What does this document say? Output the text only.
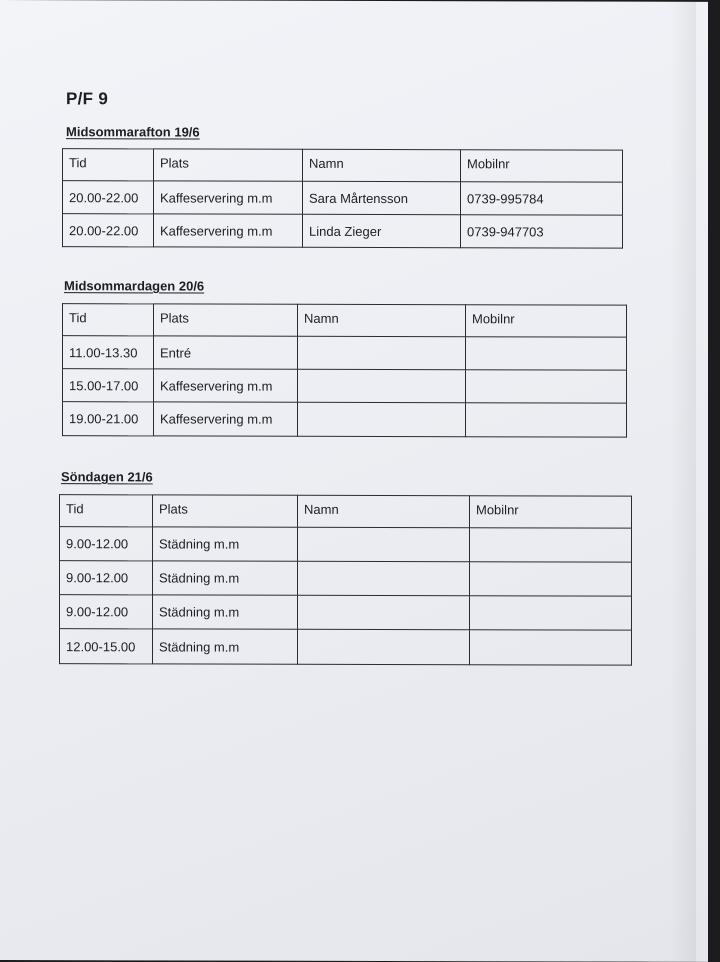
P/F 9
Midsommarafton 19/6
Tid	Plats	Namn	Mobilnr
20.00-22.00	Kaffeservering m.m	Sara Mårtensson	0739-995784
20.00-22.00	Kaffeservering m.m	Linda Zieger	0739-947703
Midsommardagen 20/6
Tid	Plats	Namn	Mobilnr
11.00-13.30	Entré		
15.00-17.00	Kaffeservering m.m		
19.00-21.00	Kaffeservering m.m		
Söndagen 21/6
Tid	Plats	Namn	Mobilnr
9.00-12.00	Städning m.m		
9.00-12.00	Städning m.m		
9.00-12.00	Städning m.m		
12.00-15.00	Städning m.m		
